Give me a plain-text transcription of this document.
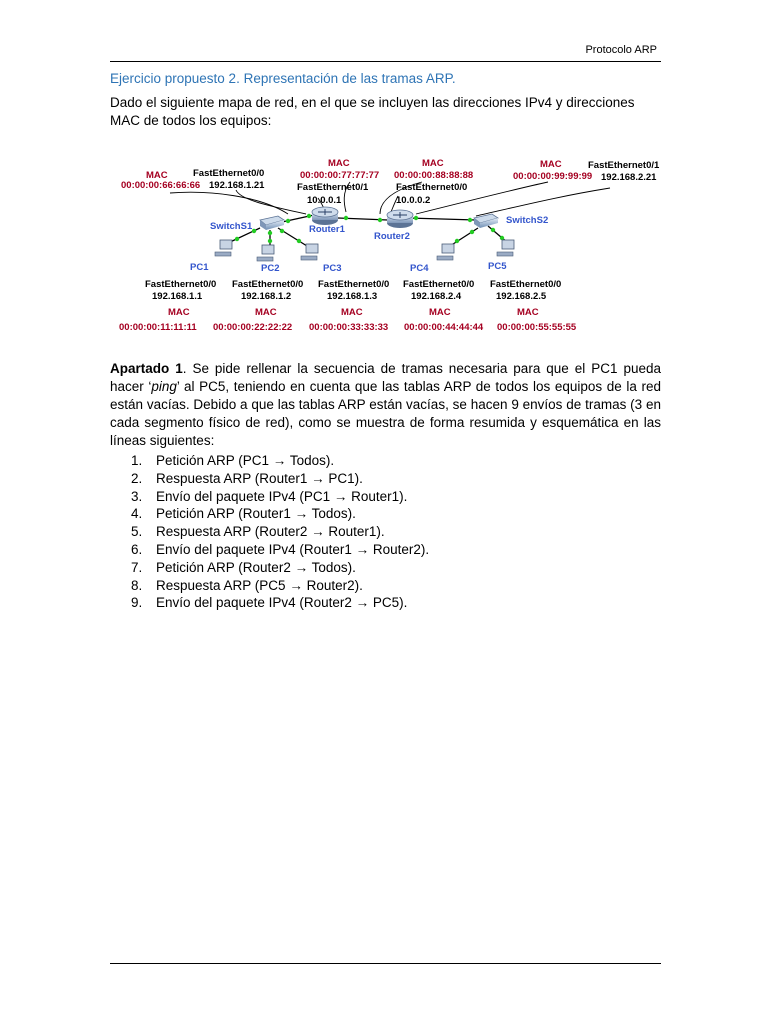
Protocolo ARP
Ejercicio propuesto 2. Representación de las tramas ARP.
Dado el siguiente mapa de red, en el que se incluyen las direcciones IPv4 y direcciones MAC de todos los equipos:
MAC
00:00:00:66:66:66
FastEthernet0/0
192.168.1.21
MAC
00:00:00:77:77:77
FastEthernet0/1
10.0.0.1
MAC
00:00:00:88:88:88
FastEthernet0/0
10.0.0.2
MAC
00:00:00:99:99:99
FastEthernet0/1
192.168.2.21
SwitchS1	Router1
Router2
SwitchS2
PC1	PC2	PC3	PC4	PC5
FastEthernet0/0
192.168.1.1
MAC
00:00:00:11:11:11
FastEthernet0/0
192.168.1.2
MAC
00:00:00:22:22:22
FastEthernet0/0
192.168.1.3
MAC
00:00:00:33:33:33
FastEthernet0/0
192.168.2.4
MAC
00:00:00:44:44:44
FastEthernet0/0
192.168.2.5
MAC
00:00:00:55:55:55
Apartado 1. Se pide rellenar la secuencia de tramas necesaria para que el PC1 pueda hacer ‘ping’ al PC5, teniendo en cuenta que las tablas ARP de todos los equipos de la red están vacías. Debido a que las tablas ARP están vacías, se hacen 9 envíos de tramas (3 en cada segmento físico de red), como se muestra de forma resumida y esquemática en las líneas siguientes:
1. Petición ARP (PC1 → Todos).
2. Respuesta ARP (Router1 → PC1).
3. Envío del paquete IPv4 (PC1 → Router1).
4. Petición ARP (Router1 → Todos).
5. Respuesta ARP (Router2 → Router1).
6. Envío del paquete IPv4 (Router1 → Router2).
7. Petición ARP (Router2 → Todos).
8. Respuesta ARP (PC5 → Router2).
9. Envío del paquete IPv4 (Router2 → PC5).
